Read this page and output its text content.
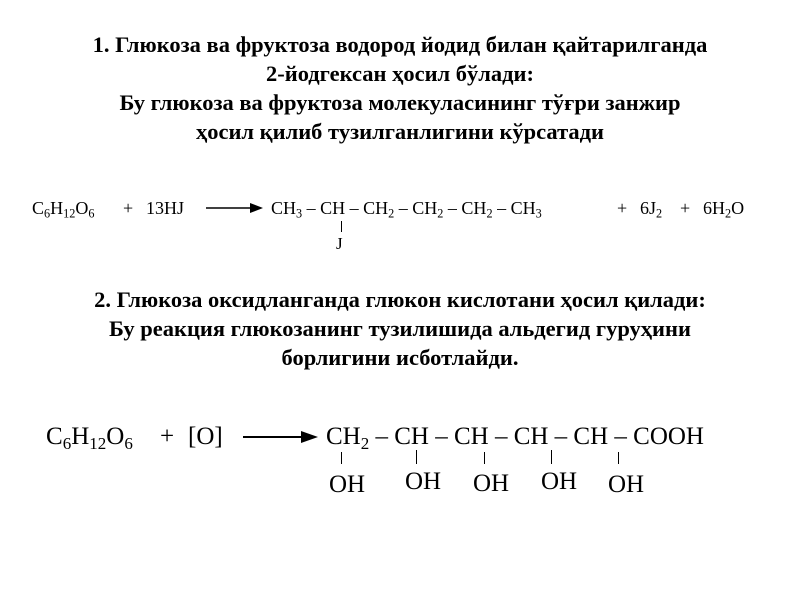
1. Глюкоза ва фруктоза водород йодид билан қайтарилганда
2-йодгексан ҳосил бўлади:
Бу глюкоза ва фруктоза молекуласининг тўғри занжир
ҳосил қилиб тузилганлигини кўрсатади
$C_6H_{12}O_6 + 13HJ \to CH_3$ – CH – $CH_2 - CH_2 - CH_2 - CH_3$	+ $6J_2 + 6H_2O$
J
2. Глюкоза оксидланганда глюкон кислотани ҳосил қилади:
Бу реакция глюкозанинг тузилишида альдегид гуруҳини
борлигини исботлайди.
$C_6H_{12}O_6 + [O]$	$CH_2$ – CH – CH – CH – CH – COOH
OH OH OH OH OH
